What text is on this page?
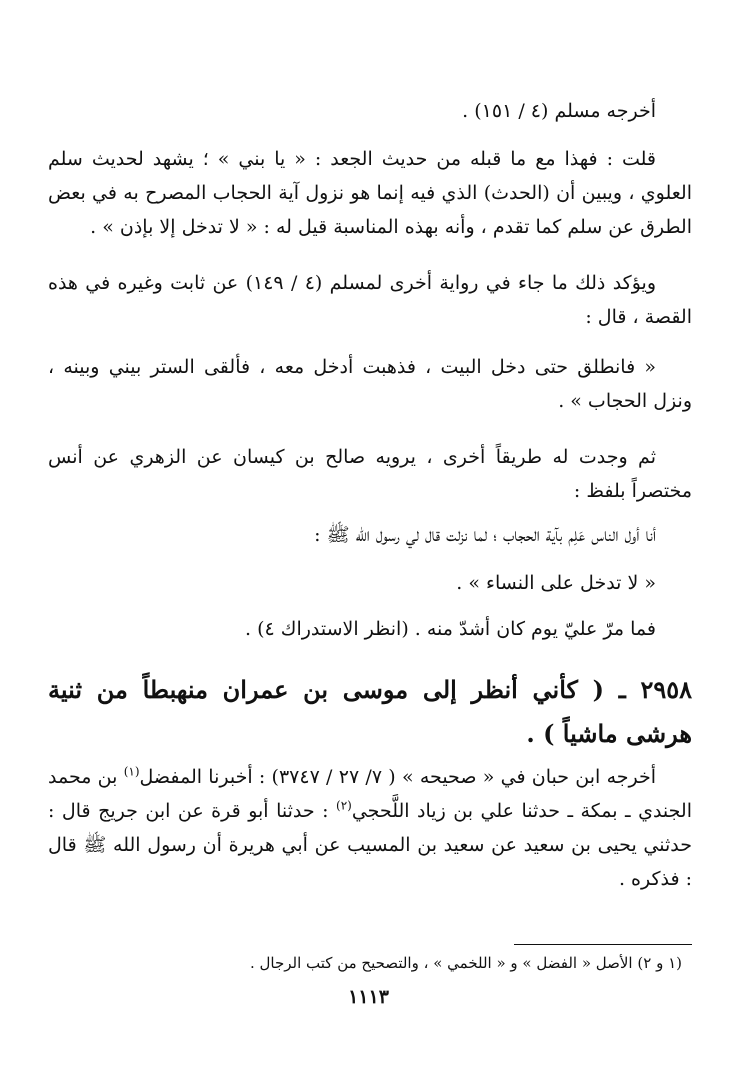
أخرجه مسلم (٤ / ١٥١) .

قلت : فهذا مع ما قبله من حديث الجعد : « يا بني » ؛ يشهد لحديث سلم العلوي ، ويبين أن (الحدث) الذي فيه إنما هو نزول آية الحجاب المصرح به في بعض الطرق عن سلم كما تقدم ، وأنه بهذه المناسبة قيل له : « لا تدخل إلا بإذن » .

ويؤكد ذلك ما جاء في رواية أخرى لمسلم (٤ / ١٤٩) عن ثابت وغيره في هذه القصة ، قال :

« فانطلق حتى دخل البيت ، فذهبت أدخل معه ، فألقى الستر بيني وبينه ، ونزل الحجاب » .

ثم وجدت له طريقاً أخرى ، يرويه صالح بن كيسان عن الزهري عن أنس مختصراً بلفظ :

أنا أول الناس عَلِم بآية الحجاب ؛ لما نزلت قال لي رسول الله ﷺ :

« لا تدخل على النساء » .

فما مرّ عليّ يوم كان أشدّ منه . (انظر الاستدراك ٤) .

٢٩٥٨ ـ ( كأني أنظر إلى موسى بن عمران منهبطاً من ثنية هرشى ماشياً ) .

أخرجه ابن حبان في « صحيحه » ( ٧/ ٢٧ / ٣٧٤٧) : أخبرنا المفضل$^{(١)}$ بن محمد الجندي ـ بمكة ـ حدثنا علي بن زياد اللَّحجي$^{(٢)}$ : حدثنا أبو قرة عن ابن جريج قال : حدثني يحيى بن سعيد عن سعيد بن المسيب عن أبي هريرة أن رسول الله ﷺ قال : فذكره .

(١ و ٢) الأصل « الفضل » و « اللخمي » ، والتصحيح من كتب الرجال .

١١١٣
